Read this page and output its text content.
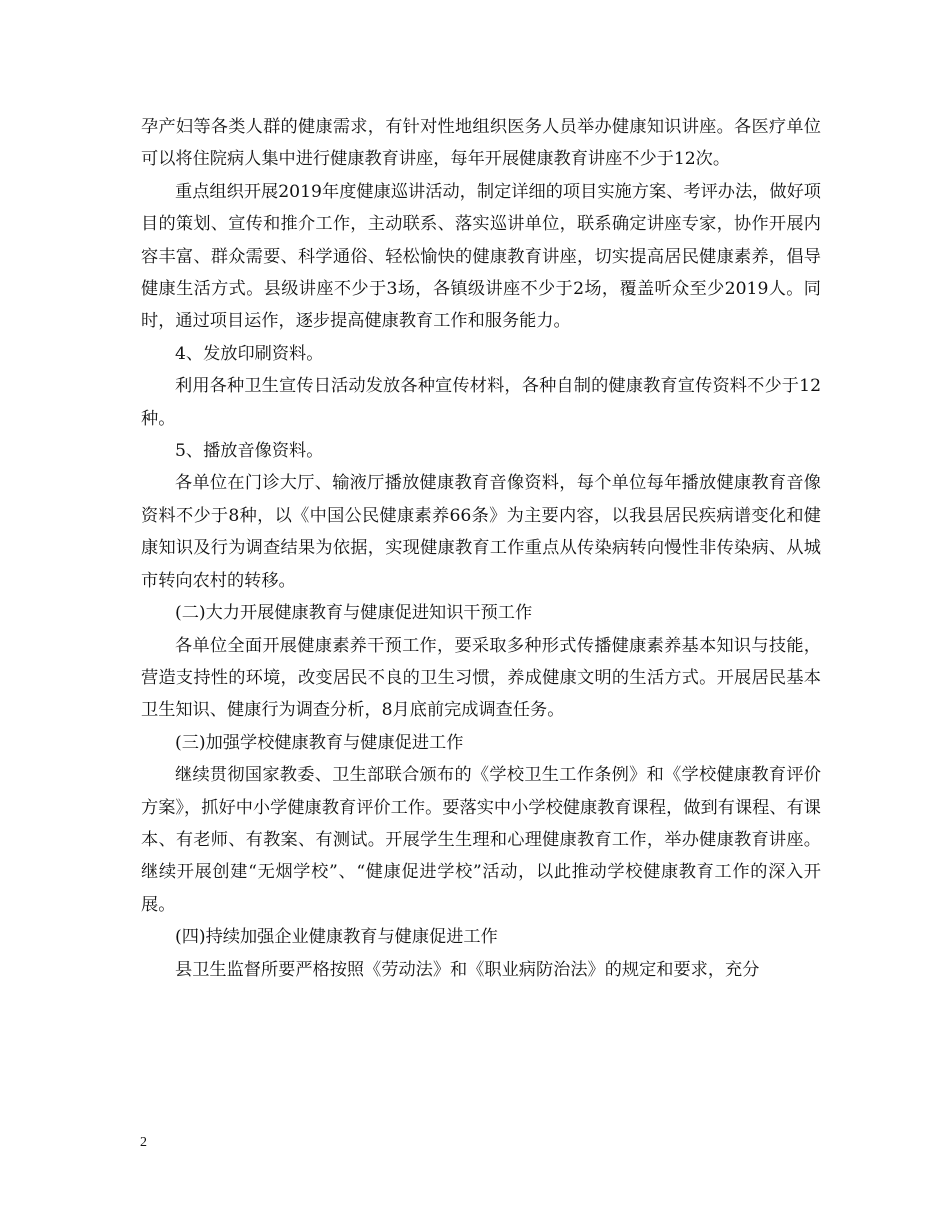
孕产妇等各类人群的健康需求，有针对性地组织医务人员举办健康知识讲座。各医疗单位可以将住院病人集中进行健康教育讲座，每年开展健康教育讲座不少于12次。

重点组织开展2019年度健康巡讲活动，制定详细的项目实施方案、考评办法，做好项目的策划、宣传和推介工作，主动联系、落实巡讲单位，联系确定讲座专家，协作开展内容丰富、群众需要、科学通俗、轻松愉快的健康教育讲座，切实提高居民健康素养，倡导健康生活方式。县级讲座不少于3场，各镇级讲座不少于2场，覆盖听众至少2019人。同时，通过项目运作，逐步提高健康教育工作和服务能力。

4、发放印刷资料。

利用各种卫生宣传日活动发放各种宣传材料，各种自制的健康教育宣传资料不少于12种。

5、播放音像资料。

各单位在门诊大厅、输液厅播放健康教育音像资料，每个单位每年播放健康教育音像资料不少于8种，以《中国公民健康素养66条》为主要内容，以我县居民疾病谱变化和健康知识及行为调查结果为依据，实现健康教育工作重点从传染病转向慢性非传染病、从城市转向农村的转移。

(二)大力开展健康教育与健康促进知识干预工作

各单位全面开展健康素养干预工作，要采取多种形式传播健康素养基本知识与技能，营造支持性的环境，改变居民不良的卫生习惯，养成健康文明的生活方式。开展居民基本卫生知识、健康行为调查分析，8月底前完成调查任务。

(三)加强学校健康教育与健康促进工作

继续贯彻国家教委、卫生部联合颁布的《学校卫生工作条例》和《学校健康教育评价方案》，抓好中小学健康教育评价工作。要落实中小学校健康教育课程，做到有课程、有课本、有老师、有教案、有测试。开展学生生理和心理健康教育工作，举办健康教育讲座。继续开展创建“无烟学校”、“健康促进学校”活动，以此推动学校健康教育工作的深入开展。

(四)持续加强企业健康教育与健康促进工作

县卫生监督所要严格按照《劳动法》和《职业病防治法》的规定和要求，充分

2
